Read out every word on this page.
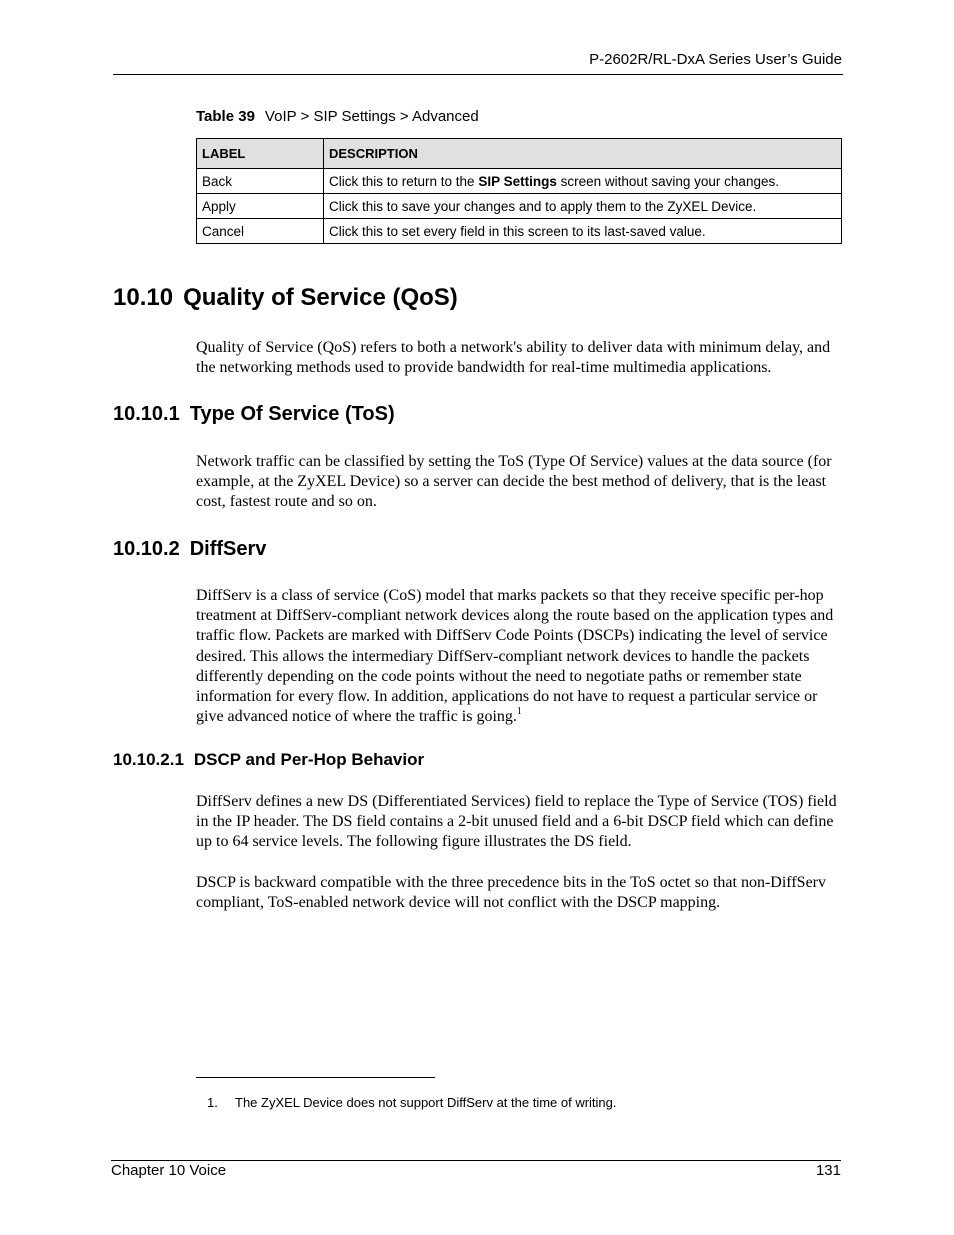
P-2602R/RL-DxA Series User’s Guide
Table 39 VoIP > SIP Settings > Advanced
LABEL	DESCRIPTION
Back	Click this to return to the SIP Settings screen without saving your changes.
Apply	Click this to save your changes and to apply them to the ZyXEL Device.
Cancel	Click this to set every field in this screen to its last-saved value.
10.10 Quality of Service (QoS)

Quality of Service (QoS) refers to both a network's ability to deliver data with minimum delay, and the networking methods used to provide bandwidth for real-time multimedia applications.

10.10.1 Type Of Service (ToS)

Network traffic can be classified by setting the ToS (Type Of Service) values at the data source (for example, at the ZyXEL Device) so a server can decide the best method of delivery, that is the least cost, fastest route and so on.

10.10.2 DiffServ

DiffServ is a class of service (CoS) model that marks packets so that they receive specific per-hop treatment at DiffServ-compliant network devices along the route based on the application types and traffic flow. Packets are marked with DiffServ Code Points (DSCPs) indicating the level of service desired. This allows the intermediary DiffServ-compliant network devices to handle the packets differently depending on the code points without the need to negotiate paths or remember state information for every flow. In addition, applications do not have to request a particular service or give advanced notice of where the traffic is going.$^1$

10.10.2.1 DSCP and Per-Hop Behavior

DiffServ defines a new DS (Differentiated Services) field to replace the Type of Service (TOS) field in the IP header. The DS field contains a 2-bit unused field and a 6-bit DSCP field which can define up to 64 service levels. The following figure illustrates the DS field.

DSCP is backward compatible with the three precedence bits in the ToS octet so that non-DiffServ compliant, ToS-enabled network device will not conflict with the DSCP mapping.

1. The ZyXEL Device does not support DiffServ at the time of writing.
Chapter 10 Voice	131
